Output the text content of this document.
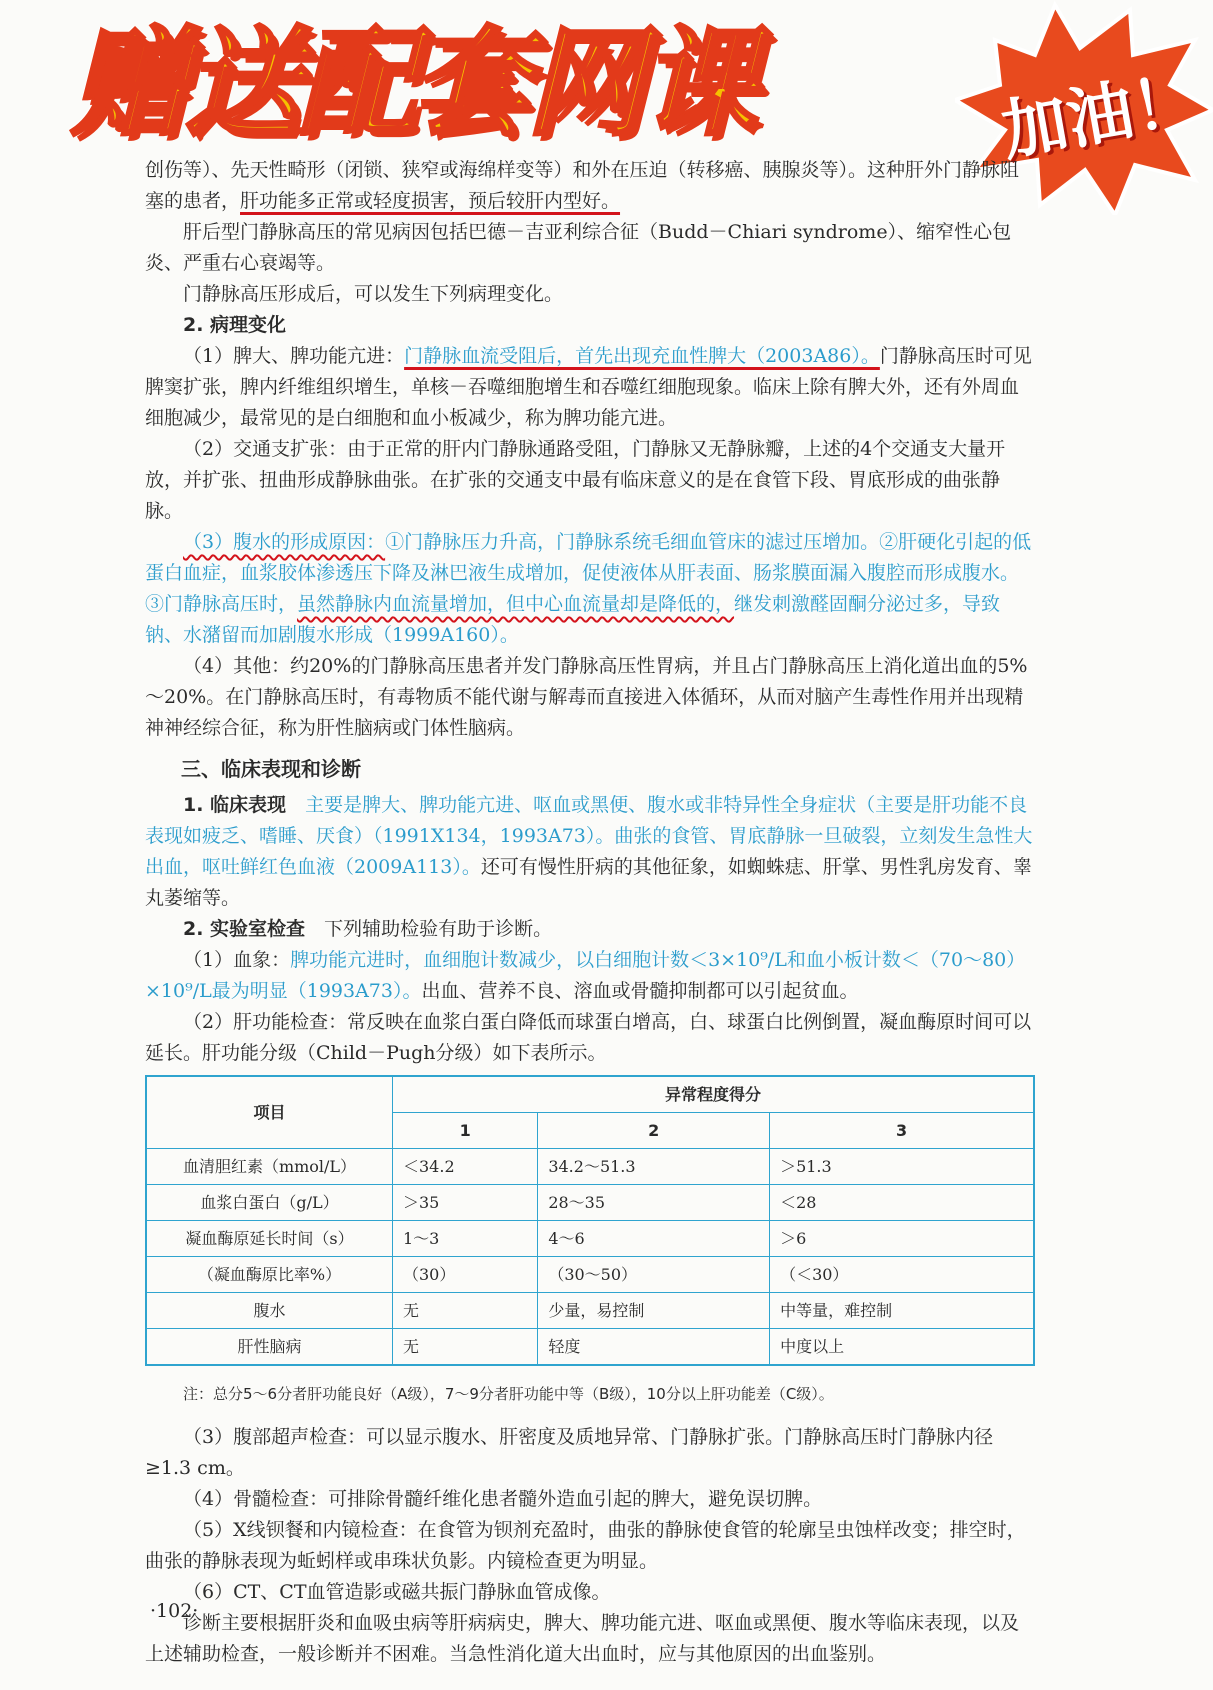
赠送配套网课	加油！

创伤等）、先天性畸形（闭锁、狭窄或海绵样变等）和外在压迫（转移癌、胰腺炎等）。这种肝外门静脉阻

塞的患者，肝功能多正常或轻度损害，预后较肝内型好。

肝后型门静脉高压的常见病因包括巴德－吉亚利综合征（Budd－Chiari syndrome）、缩窄性心包炎、严重右心衰竭等。

门静脉高压形成后，可以发生下列病理变化。

2. 病理变化

（1）脾大、脾功能亢进：门静脉血流受阻后，首先出现充血性脾大（2003A86）。门静脉高压时可见脾窦扩张，脾内纤维组织增生，单核－吞噬细胞增生和吞噬红细胞现象。临床上除有脾大外，还有外周血细胞减少，最常见的是白细胞和血小板减少，称为脾功能亢进。

（2）交通支扩张：由于正常的肝内门静脉通路受阻，门静脉又无静脉瓣，上述的4个交通支大量开放，并扩张、扭曲形成静脉曲张。在扩张的交通支中最有临床意义的是在食管下段、胃底形成的曲张静脉。

（3）腹水的形成原因：①门静脉压力升高，门静脉系统毛细血管床的滤过压增加。②肝硬化引起的低蛋白血症，血浆胶体渗透压下降及淋巴液生成增加，促使液体从肝表面、肠浆膜面漏入腹腔而形成腹水。③门静脉高压时，虽然静脉内血流量增加，但中心血流量却是降低的，继发刺激醛固酮分泌过多，导致钠、水潴留而加剧腹水形成（1999A160）。

（4）其他：约20%的门静脉高压患者并发门静脉高压性胃病，并且占门静脉高压上消化道出血的5%～20%。在门静脉高压时，有毒物质不能代谢与解毒而直接进入体循环，从而对脑产生毒性作用并出现精神神经综合征，称为肝性脑病或门体性脑病。

三、临床表现和诊断

1. 临床表现　 主要是脾大、脾功能亢进、呕血或黑便、腹水或非特异性全身症状（主要是肝功能不良表现如疲乏、嗜睡、厌食）（1991X134，1993A73）。曲张的食管、胃底静脉一旦破裂，立刻发生急性大出血，呕吐鲜红色血液（2009A113）。还可有慢性肝病的其他征象，如蜘蛛痣、肝掌、男性乳房发育、睾丸萎缩等。

2. 实验室检查　 下列辅助检验有助于诊断。

（1）血象：脾功能亢进时，血细胞计数减少，以白细胞计数＜3×10⁹/L和血小板计数＜（70～80）×10⁹/L最为明显（1993A73）。出血、营养不良、溶血或骨髓抑制都可以引起贫血。

（2）肝功能检查：常反映在血浆白蛋白降低而球蛋白增高，白、球蛋白比例倒置，凝血酶原时间可以延长。肝功能分级（Child－Pugh分级）如下表所示。

项目	异常程度得分		
	1	2	3
血清胆红素（mmol/L）	＜34.2	34.2～51.3	＞51.3
血浆白蛋白（g/L）	＞35	28～35	＜28
凝血酶原延长时间（s）	1～3	4～6	＞6
（凝血酶原比率%）	（30）	（30～50）	（＜30）
腹水	无	少量，易控制	中等量，难控制
肝性脑病	无	轻度	中度以上

注：总分5～6分者肝功能良好（A级），7～9分者肝功能中等（B级），10分以上肝功能差（C级）。

（3）腹部超声检查：可以显示腹水、肝密度及质地异常、门静脉扩张。门静脉高压时门静脉内径≥1.3 cm。

（4）骨髓检查：可排除骨髓纤维化患者髓外造血引起的脾大，避免误切脾。

（5）X线钡餐和内镜检查：在食管为钡剂充盈时，曲张的静脉使食管的轮廓呈虫蚀样改变；排空时，曲张的静脉表现为蚯蚓样或串珠状负影。内镜检查更为明显。

（6）CT、CT血管造影或磁共振门静脉血管成像。

诊断主要根据肝炎和血吸虫病等肝病病史，脾大、脾功能亢进、呕血或黑便、腹水等临床表现，以及上述辅助检查，一般诊断并不困难。当急性消化道大出血时，应与其他原因的出血鉴别。

·102·
